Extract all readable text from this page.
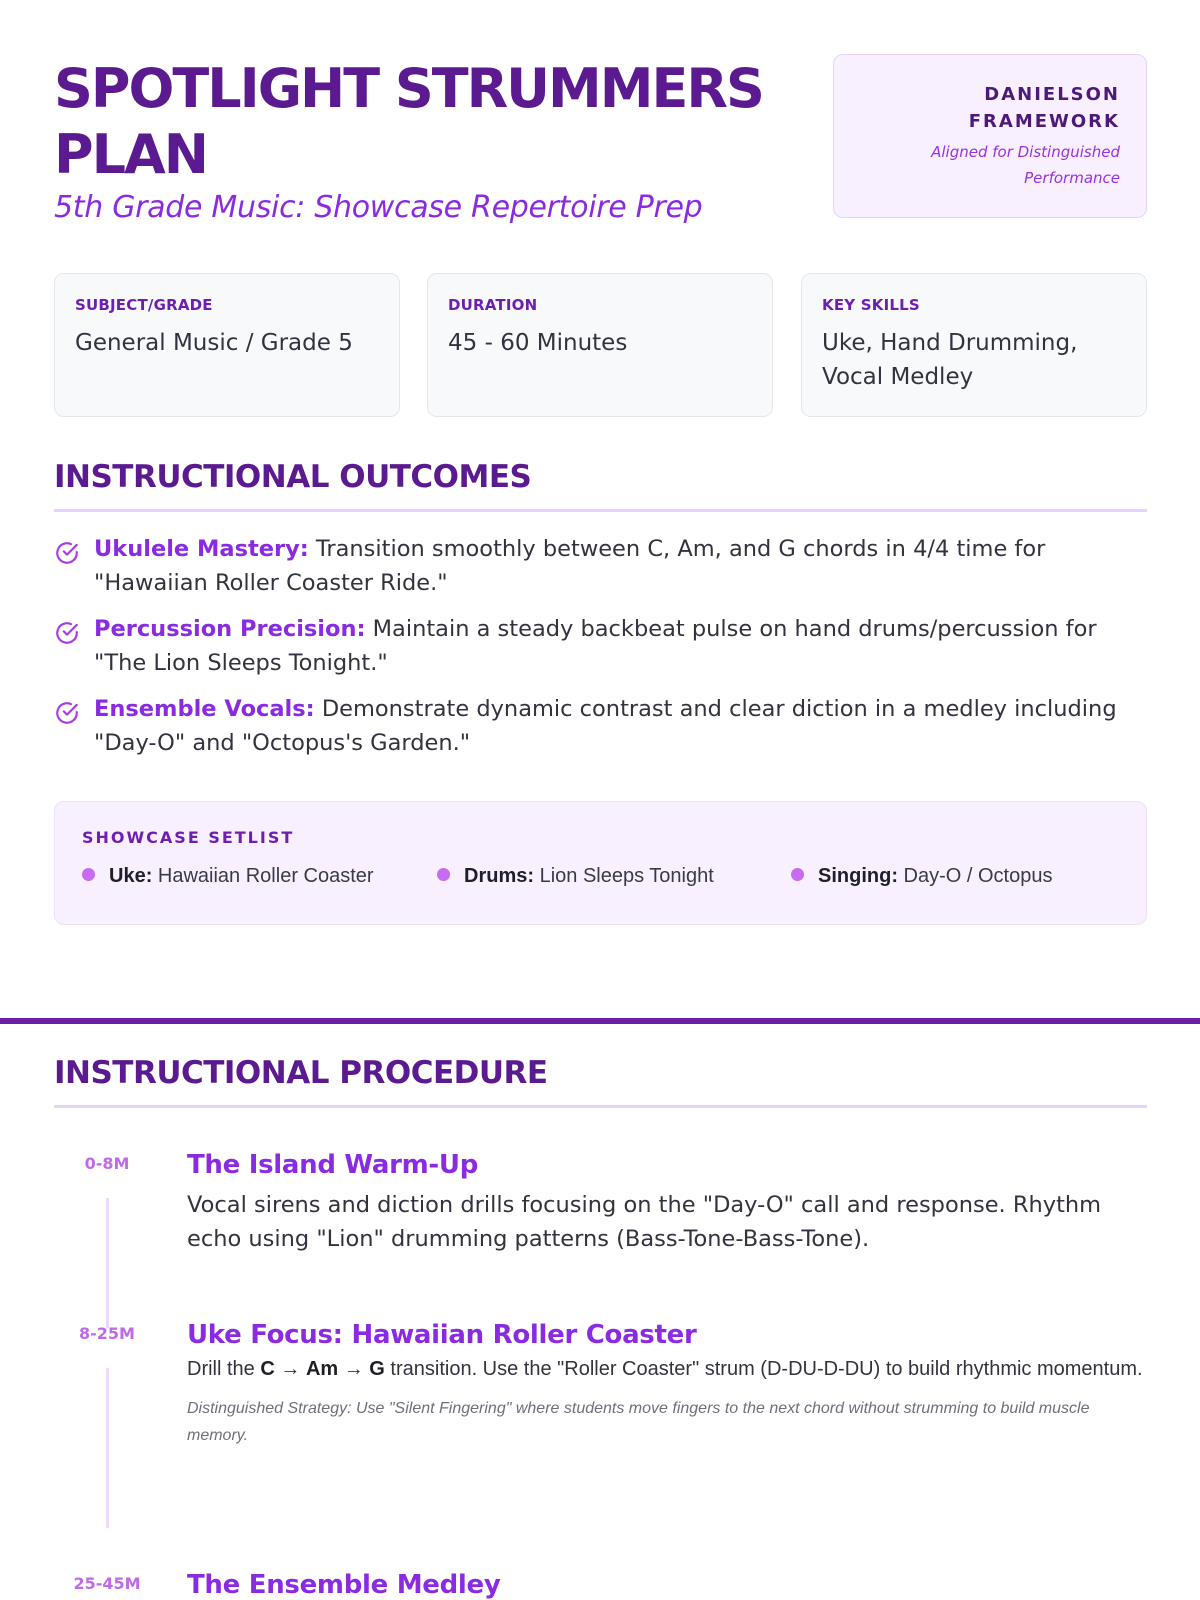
SPOTLIGHT STRUMMERS PLAN
5th Grade Music: Showcase Repertoire Prep
DANIELSON FRAMEWORK
Aligned for Distinguished Performance
SUBJECT/GRADE
General Music / Grade 5
DURATION
45 - 60 Minutes
KEY SKILLS
Uke, Hand Drumming, Vocal Medley
INSTRUCTIONAL OUTCOMES
Ukulele Mastery: Transition smoothly between C, Am, and G chords in 4/4 time for "Hawaiian Roller Coaster Ride."
Percussion Precision: Maintain a steady backbeat pulse on hand drums/percussion for "The Lion Sleeps Tonight."
Ensemble Vocals: Demonstrate dynamic contrast and clear diction in a medley including "Day-O" and "Octopus's Garden."
SHOWCASE SETLIST
Uke: Hawaiian Roller Coaster	Drums: Lion Sleeps Tonight	Singing: Day-O / Octopus
INSTRUCTIONAL PROCEDURE
0-8M	The Island Warm-Up
Vocal sirens and diction drills focusing on the "Day-O" call and response. Rhythm echo using "Lion" drumming patterns (Bass-Tone-Bass-Tone).
8-25M	Uke Focus: Hawaiian Roller Coaster
Drill the C → Am → G transition. Use the "Roller Coaster" strum (D-DU-D-DU) to build rhythmic momentum.
Distinguished Strategy: Use "Silent Fingering" where students move fingers to the next chord without strumming to build muscle memory.
25-45M	The Ensemble Medley
